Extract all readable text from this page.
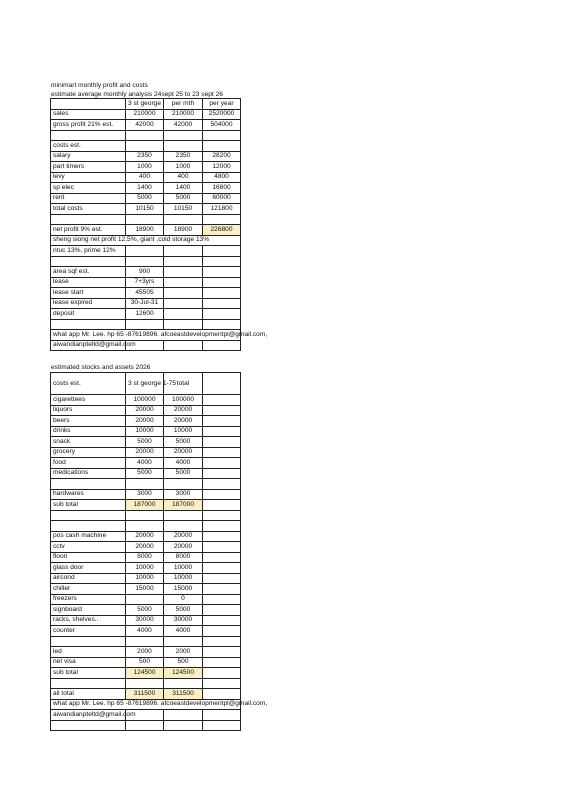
minimart monthly profit and costs
estimate average monthly analysis 24sept 25 to 23 sept 26
	3 st george	per mth	per year
sales	210000	210000	2520000
gross profit 21% est.	42000	42000	504000

costs est.			
salary	2350	2350	28200
part timers	1000	1000	12000
levy	400	400	4800
sp elec	1400	1400	16800
rent	5000	5000	60000
total costs	10150	10150	121800

net profit 9% est.	18900	18900	226800
sheng siong net profit 12.5%, giant ,cold storage 13%			
ntuc 13%, prime 12%			

area sqf est.	900		
lease	7+3yrs		
lease start	45505		
lease expired	30-Jul-31		
deposit	12600		

what app Mr. Lee. hp 65 -87619896. afcoeastdevelopmentpl@gmail.com,			
aiwandianpteltd@gmail.com			
estimated stocks and assets 2026
costs est.	3 st george 1-75	total	
cigarettees	100000	100000	
liquors	20000	20000	
beers	20000	20000	
drinks	10000	10000	
snack	5000	5000	
grocery	20000	20000	
food	4000	4000	
medications	5000	5000	

hardwares	3000	3000	
sub total	187000	187000	

pos cash machine	20000	20000	
cctv	20000	20000	
floori	8000	8000	
glass door	10000	10000	
aircond	10000	10000	
chiller	15000	15000	
freezers		0	
signboard	5000	5000	
racks, shelves..	30000	30000	
counter	4000	4000	

led	2000	2000	
net visa	500	500	
sub total	124500	124500	

all total	311500	311500	
what app Mr. Lee. hp 65 -87619896. afcoeastdevelopmentpl@gmail.com,			
aiwandianpteltd@gmail.com			
